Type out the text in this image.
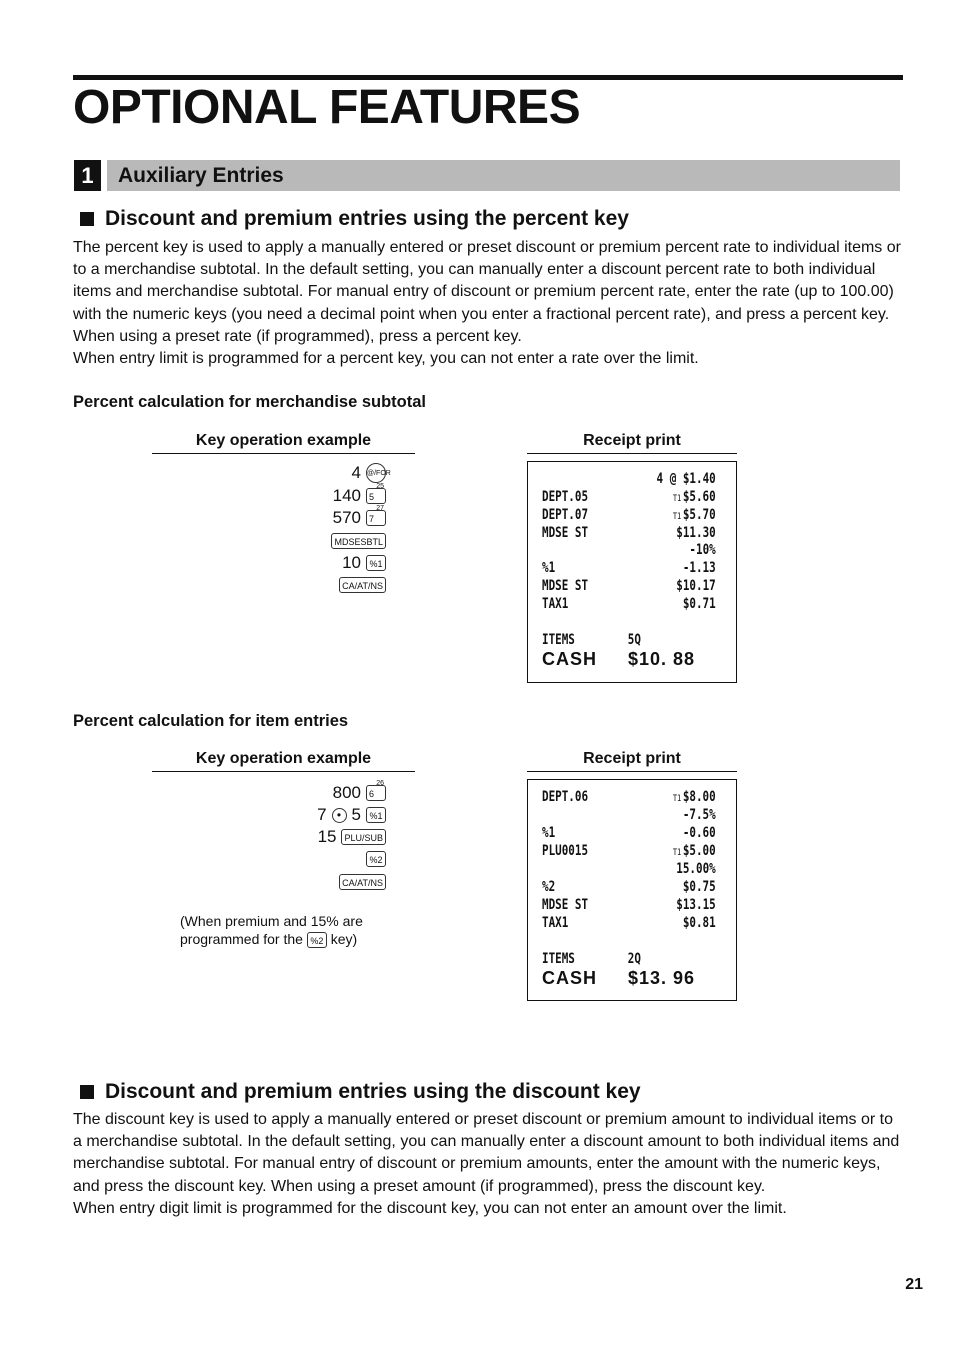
OPTIONAL FEATURES
1	Auxiliary Entries
Discount and premium entries using the percent key

The percent key is used to apply a manually entered or preset discount or premium percent rate to individual items or to a merchandise subtotal. In the default setting, you can manually enter a discount percent rate to both individual items and merchandise subtotal. For manual entry of discount or premium percent rate, enter the rate (up to 100.00) with the numeric keys (you need a decimal point when you enter a fractional percent rate), and press a percent key. When using a preset rate (if programmed), press a percent key.

When entry limit is programmed for a percent key, you can not enter a rate over the limit.

Percent calculation for merchandise subtotal
Key operation example	Receipt print
4 @/FOR
140 5
25
570 7
27
MDSESBTL
10 %1
CA/AT/NS
4 @ $1.40
DEPT.05	T1 $5.60
DEPT.07	T1 $5.70
MDSE ST	$11.30
-10%
%1	-1.13
MDSE ST	$10.17
TAX1	$0.71
ITEMS	5Q
CASH $10. 88
Percent calculation for item entries
Key operation example	Receipt print
800 6
26
7 • 5 %1
15 PLU/SUB
%2
CA/AT/NS
(When premium and 15% are
programmed for the %2 key)
DEPT.06	T1 $8.00
-7.5%
%1	-0.60
PLU0015	T1 $5.00
15.00%
%2	$0.75
MDSE ST	$13.15
TAX1	$0.81
ITEMS	2Q
CASH $13. 96
Discount and premium entries using the discount key

The discount key is used to apply a manually entered or preset discount or premium amount to individual items or to a merchandise subtotal. In the default setting, you can manually enter a discount amount to both individual items and merchandise subtotal. For manual entry of discount or premium amounts, enter the amount with the numeric keys, and press the discount key. When using a preset amount (if programmed), press the discount key.

When entry digit limit is programmed for the discount key, you can not enter an amount over the limit.

21
